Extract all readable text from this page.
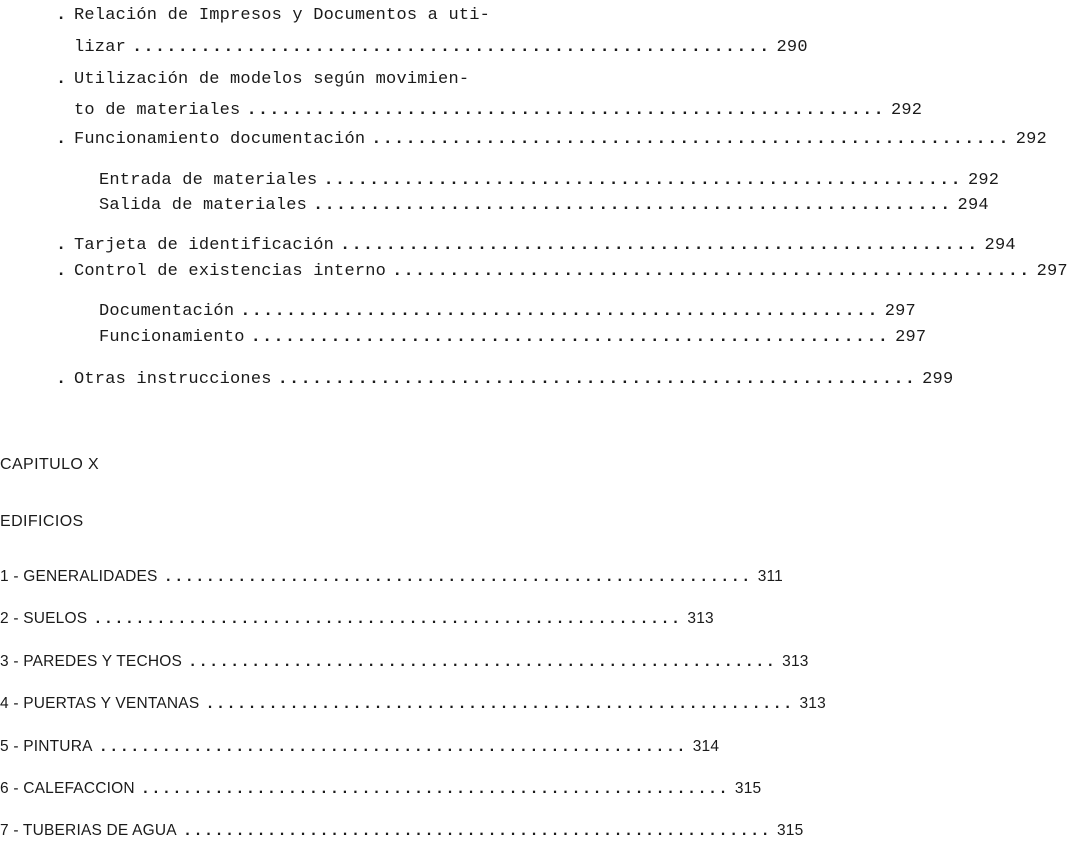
. Relación de Impresos y Documentos a uti-
lizar ........................................................ 290
. Utilización de modelos según movimien-
to de materiales ........................................................ 292
. Funcionamiento documentación ........................................................ 292
Entrada de materiales ........................................................ 292
Salida de materiales ........................................................ 294
. Tarjeta de identificación ........................................................ 294
. Control de existencias interno ........................................................ 297
Documentación ........................................................ 297
Funcionamiento ........................................................ 297
. Otras instrucciones ........................................................ 299
CAPITULO X
EDIFICIOS
1 - GENERALIDADES ........................................................ 311
2 - SUELOS ........................................................ 313
3 - PAREDES Y TECHOS ........................................................ 313
4 - PUERTAS Y VENTANAS ........................................................ 313
5 - PINTURA ........................................................ 314
6 - CALEFACCION ........................................................ 315
7 - TUBERIAS DE AGUA ........................................................ 315
